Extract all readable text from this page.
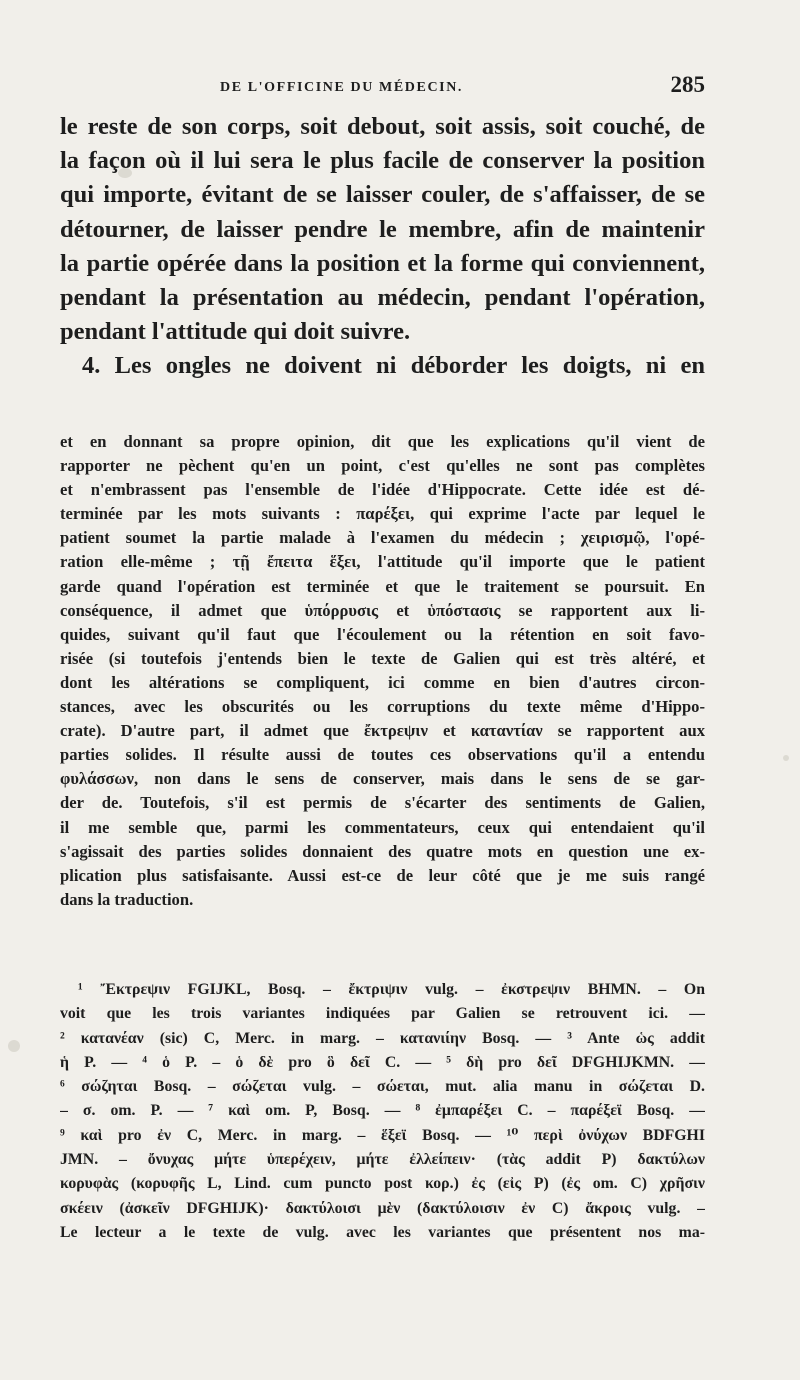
DE L'OFFICINE DU MÉDECIN.	285
le reste de son corps, soit debout, soit assis, soit couché, de
la façon où il lui sera le plus facile de conserver la position
qui importe, évitant de se laisser couler, de s'affaisser, de se
détourner, de laisser pendre le membre, afin de maintenir
la partie opérée dans la position et la forme qui conviennent,
pendant la présentation au médecin, pendant l'opération,
pendant l'attitude qui doit suivre.
4. Les ongles ne doivent ni déborder les doigts, ni en
et en donnant sa propre opinion, dit que les explications qu'il vient de
rapporter ne pèchent qu'en un point, c'est qu'elles ne sont pas complètes
et n'embrassent pas l'ensemble de l'idée d'Hippocrate. Cette idée est dé-
terminée par les mots suivants : παρέξει, qui exprime l'acte par lequel le
patient soumet la partie malade à l'examen du médecin ; χειρισμῷ, l'opé-
ration elle-même ; τῇ ἔπειτα ἕξει, l'attitude qu'il importe que le patient
garde quand l'opération est terminée et que le traitement se poursuit. En
conséquence, il admet que ὑπόρρυσις et ὑπόστασις se rapportent aux li-
quides, suivant qu'il faut que l'écoulement ou la rétention en soit favo-
risée (si toutefois j'entends bien le texte de Galien qui est très altéré, et
dont les altérations se compliquent, ici comme en bien d'autres circon-
stances, avec les obscurités ou les corruptions du texte même d'Hippo-
crate). D'autre part, il admet que ἔκτρεψιν et καταντίαν se rapportent aux
parties solides. Il résulte aussi de toutes ces observations qu'il a entendu
φυλάσσων, non dans le sens de conserver, mais dans le sens de se gar-
der de. Toutefois, s'il est permis de s'écarter des sentiments de Galien,
il me semble que, parmi les commentateurs, ceux qui entendaient qu'il
s'agissait des parties solides donnaient des quatre mots en question une ex-
plication plus satisfaisante. Aussi est-ce de leur côté que je me suis rangé
dans la traduction.
¹ Ἔκτρεψιν FGIJKL, Bosq. – ἔκτριψιν vulg. – ἐκστρεψιν BHMN. – On
voit que les trois variantes indiquées par Galien se retrouvent ici. —
² κατανέαν (sic) C, Merc. in marg. – κατανιίην Bosq. — ³ Ante ὡς addit
ἡ P. — ⁴ ὁ P. – ὁ δὲ pro ὃ δεῖ C. — ⁵ δὴ pro δεῖ DFGHIJKMN. —
⁶ σώζηται Bosq. – σώζεται vulg. – σώεται, mut. alia manu in σώζεται D.
– σ. om. P. — ⁷ καὶ om. P, Bosq. — ⁸ ἐμπαρέξει C. – παρέξεϊ Bosq. —
⁹ καὶ pro ἐν C, Merc. in marg. – ἕξεϊ Bosq. — ¹⁰ περὶ ὀνύχων BDFGHI
JMN. – ὄνυχας μήτε ὑπερέχειν, μήτε ἐλλείπειν· (τὰς addit P) δακτύλων
κορυφὰς (κορυφῆς L, Lind. cum puncto post κορ.) ἐς (εἰς P) (ἐς om. C) χρῆσιν
σκέειν (ἀσκεῖν DFGHIJK)· δακτύλοισι μὲν (δακτύλοισιν ἐν C) ἄκροις vulg. –
Le lecteur a le texte de vulg. avec les variantes que présentent nos ma-
